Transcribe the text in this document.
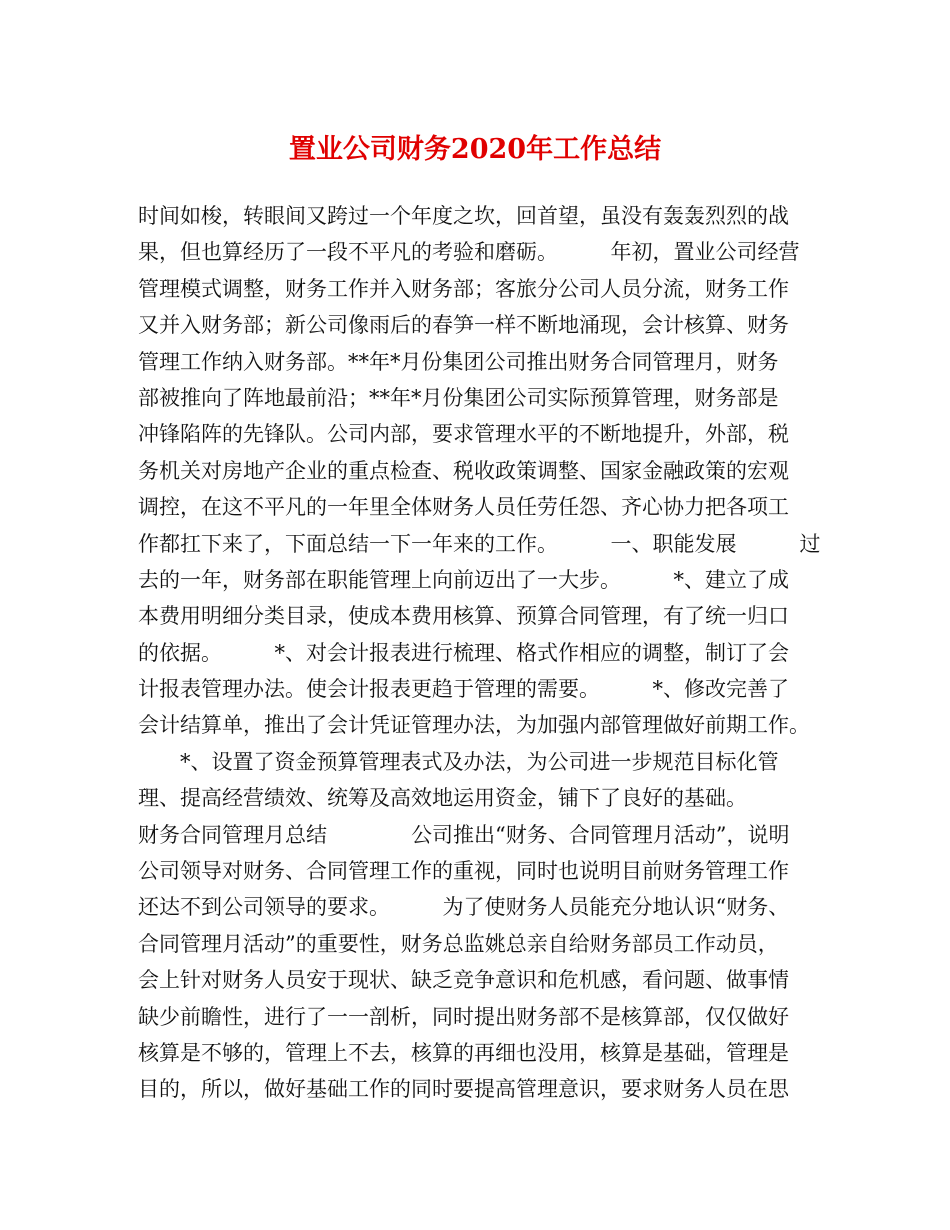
置业公司财务2020年工作总结
时间如梭，转眼间又跨过一个年度之坎，回首望，虽没有轰轰烈烈的战
果，但也算经历了一段不平凡的考验和磨砺。　　　年初，置业公司经营
管理模式调整，财务工作并入财务部；客旅分公司人员分流，财务工作
又并入财务部；新公司像雨后的春笋一样不断地涌现，会计核算、财务
管理工作纳入财务部。**年*月份集团公司推出财务合同管理月，财务
部被推向了阵地最前沿；**年*月份集团公司实际预算管理，财务部是
冲锋陷阵的先锋队。公司内部，要求管理水平的不断地提升，外部，税
务机关对房地产企业的重点检查、税收政策调整、国家金融政策的宏观
调控，在这不平凡的一年里全体财务人员任劳任怨、齐心协力把各项工
作都扛下来了，下面总结一下一年来的工作。　　　一、职能发展　　　过
去的一年，财务部在职能管理上向前迈出了一大步。　　　*、建立了成
本费用明细分类目录，使成本费用核算、预算合同管理，有了统一归口
的依据。　　　*、对会计报表进行梳理、格式作相应的调整，制订了会
计报表管理办法。使会计报表更趋于管理的需要。　　　*、修改完善了
会计结算单，推出了会计凭证管理办法，为加强内部管理做好前期工作。
　　*、设置了资金预算管理表式及办法，为公司进一步规范目标化管
理、提高经营绩效、统筹及高效地运用资金，铺下了良好的基础。
财务合同管理月总结　　　　公司推出“财务、合同管理月活动”，说明
公司领导对财务、合同管理工作的重视，同时也说明目前财务管理工作
还达不到公司领导的要求。　　　为了使财务人员能充分地认识“财务、
合同管理月活动”的重要性，财务总监姚总亲自给财务部员工作动员，
会上针对财务人员安于现状、缺乏竞争意识和危机感，看问题、做事情
缺少前瞻性，进行了一一剖析，同时提出财务部不是核算部，仅仅做好
核算是不够的，管理上不去，核算的再细也没用，核算是基础，管理是
目的，所以，做好基础工作的同时要提高管理意识，要求财务人员在思
